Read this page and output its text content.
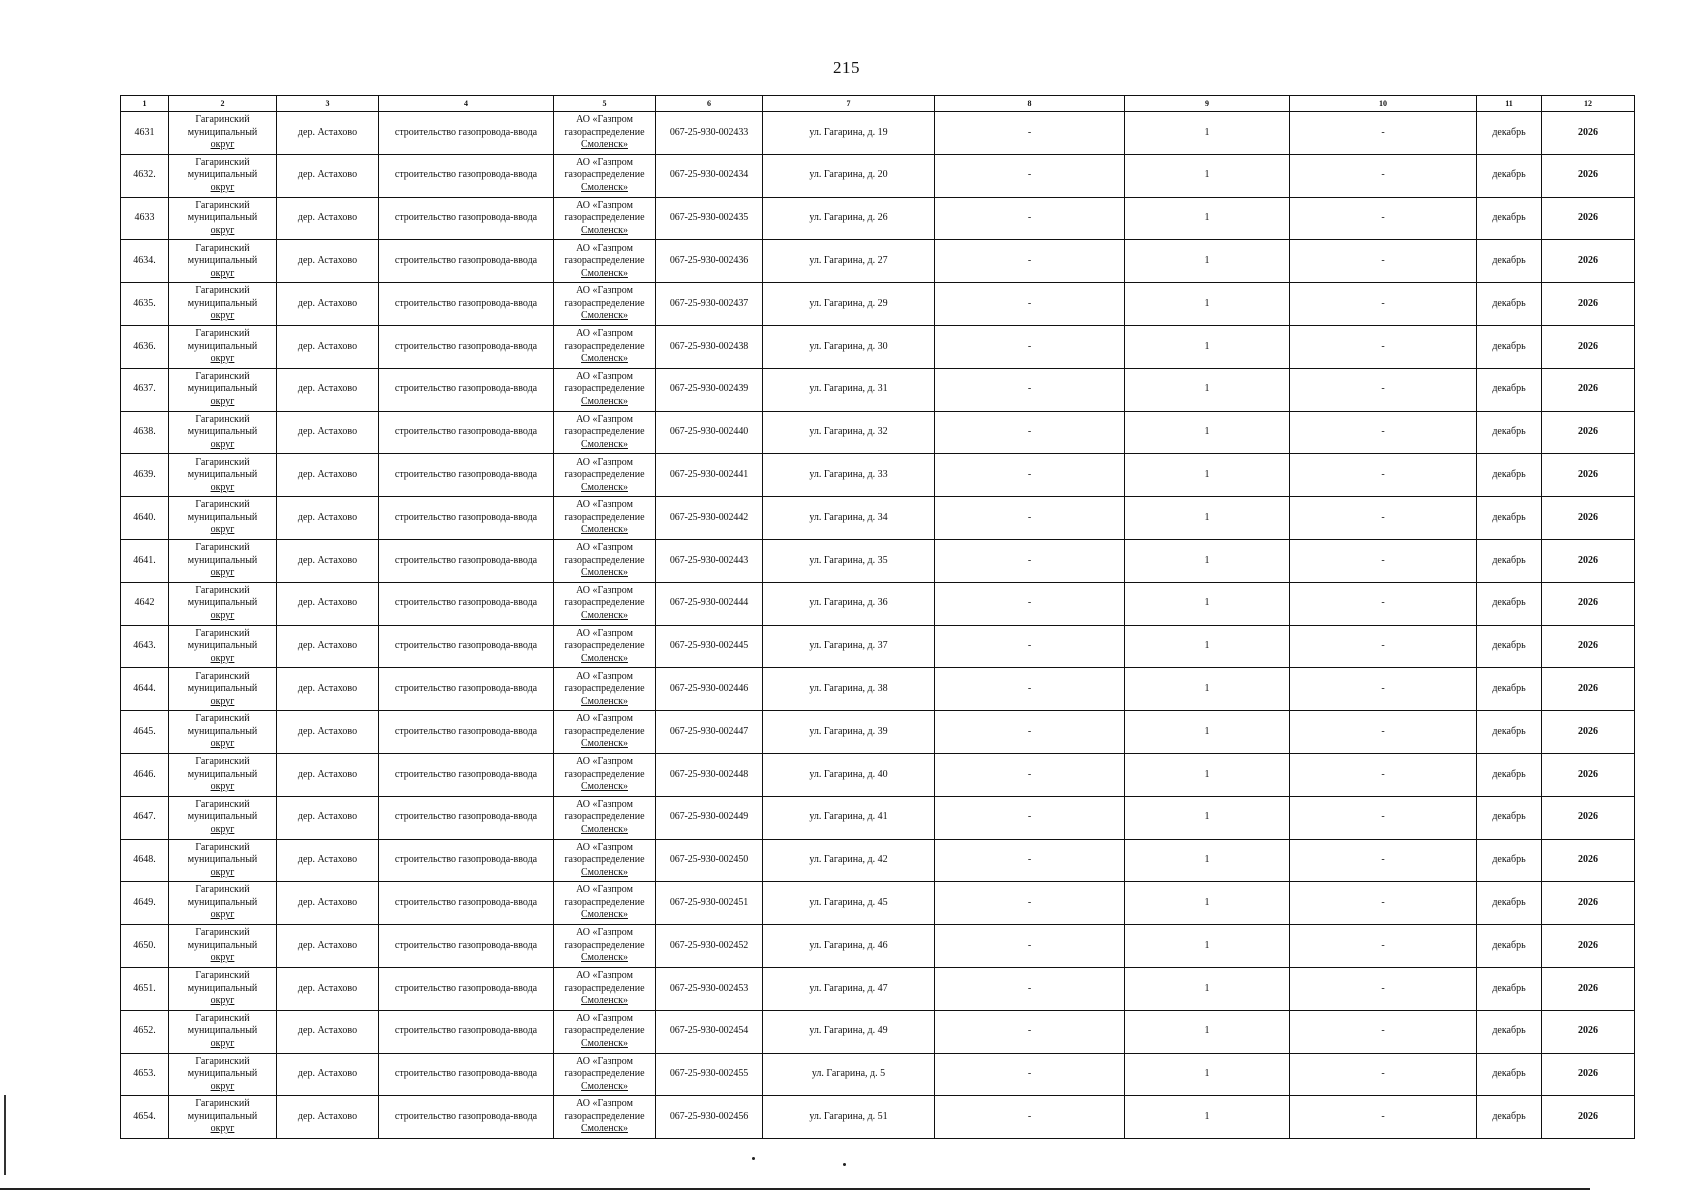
215
1	2	3	4	5	6	7	8	9	10	11	12
4631	Гагаринский
муниципальный
округ	дер. Астахово	строительство газопровода-ввода	АО «Газпром
газораспределение
Смоленск»	067-25-930-002433	ул. Гагарина, д. 19	-	1	-	декабрь	2026
4632.	Гагаринский
муниципальный
округ	дер. Астахово	строительство газопровода-ввода	АО «Газпром
газораспределение
Смоленск»	067-25-930-002434	ул. Гагарина, д. 20	-	1	-	декабрь	2026
4633	Гагаринский
муниципальный
округ	дер. Астахово	строительство газопровода-ввода	АО «Газпром
газораспределение
Смоленск»	067-25-930-002435	ул. Гагарина, д. 26	-	1	-	декабрь	2026
4634.	Гагаринский
муниципальный
округ	дер. Астахово	строительство газопровода-ввода	АО «Газпром
газораспределение
Смоленск»	067-25-930-002436	ул. Гагарина, д. 27	-	1	-	декабрь	2026
4635.	Гагаринский
муниципальный
округ	дер. Астахово	строительство газопровода-ввода	АО «Газпром
газораспределение
Смоленск»	067-25-930-002437	ул. Гагарина, д. 29	-	1	-	декабрь	2026
4636.	Гагаринский
муниципальный
округ	дер. Астахово	строительство газопровода-ввода	АО «Газпром
газораспределение
Смоленск»	067-25-930-002438	ул. Гагарина, д. 30	-	1	-	декабрь	2026
4637.	Гагаринский
муниципальный
округ	дер. Астахово	строительство газопровода-ввода	АО «Газпром
газораспределение
Смоленск»	067-25-930-002439	ул. Гагарина, д. 31	-	1	-	декабрь	2026
4638.	Гагаринский
муниципальный
округ	дер. Астахово	строительство газопровода-ввода	АО «Газпром
газораспределение
Смоленск»	067-25-930-002440	ул. Гагарина, д. 32	-	1	-	декабрь	2026
4639.	Гагаринский
муниципальный
округ	дер. Астахово	строительство газопровода-ввода	АО «Газпром
газораспределение
Смоленск»	067-25-930-002441	ул. Гагарина, д. 33	-	1	-	декабрь	2026
4640.	Гагаринский
муниципальный
округ	дер. Астахово	строительство газопровода-ввода	АО «Газпром
газораспределение
Смоленск»	067-25-930-002442	ул. Гагарина, д. 34	-	1	-	декабрь	2026
4641.	Гагаринский
муниципальный
округ	дер. Астахово	строительство газопровода-ввода	АО «Газпром
газораспределение
Смоленск»	067-25-930-002443	ул. Гагарина, д. 35	-	1	-	декабрь	2026
4642	Гагаринский
муниципальный
округ	дер. Астахово	строительство газопровода-ввода	АО «Газпром
газораспределение
Смоленск»	067-25-930-002444	ул. Гагарина, д. 36	-	1	-	декабрь	2026
4643.	Гагаринский
муниципальный
округ	дер. Астахово	строительство газопровода-ввода	АО «Газпром
газораспределение
Смоленск»	067-25-930-002445	ул. Гагарина, д. 37	-	1	-	декабрь	2026
4644.	Гагаринский
муниципальный
округ	дер. Астахово	строительство газопровода-ввода	АО «Газпром
газораспределение
Смоленск»	067-25-930-002446	ул. Гагарина, д. 38	-	1	-	декабрь	2026
4645.	Гагаринский
муниципальный
округ	дер. Астахово	строительство газопровода-ввода	АО «Газпром
газораспределение
Смоленск»	067-25-930-002447	ул. Гагарина, д. 39	-	1	-	декабрь	2026
4646.	Гагаринский
муниципальный
округ	дер. Астахово	строительство газопровода-ввода	АО «Газпром
газораспределение
Смоленск»	067-25-930-002448	ул. Гагарина, д. 40	-	1	-	декабрь	2026
4647.	Гагаринский
муниципальный
округ	дер. Астахово	строительство газопровода-ввода	АО «Газпром
газораспределение
Смоленск»	067-25-930-002449	ул. Гагарина, д. 41	-	1	-	декабрь	2026
4648.	Гагаринский
муниципальный
округ	дер. Астахово	строительство газопровода-ввода	АО «Газпром
газораспределение
Смоленск»	067-25-930-002450	ул. Гагарина, д. 42	-	1	-	декабрь	2026
4649.	Гагаринский
муниципальный
округ	дер. Астахово	строительство газопровода-ввода	АО «Газпром
газораспределение
Смоленск»	067-25-930-002451	ул. Гагарина, д. 45	-	1	-	декабрь	2026
4650.	Гагаринский
муниципальный
округ	дер. Астахово	строительство газопровода-ввода	АО «Газпром
газораспределение
Смоленск»	067-25-930-002452	ул. Гагарина, д. 46	-	1	-	декабрь	2026
4651.	Гагаринский
муниципальный
округ	дер. Астахово	строительство газопровода-ввода	АО «Газпром
газораспределение
Смоленск»	067-25-930-002453	ул. Гагарина, д. 47	-	1	-	декабрь	2026
4652.	Гагаринский
муниципальный
округ	дер. Астахово	строительство газопровода-ввода	АО «Газпром
газораспределение
Смоленск»	067-25-930-002454	ул. Гагарина, д. 49	-	1	-	декабрь	2026
4653.	Гагаринский
муниципальный
округ	дер. Астахово	строительство газопровода-ввода	АО «Газпром
газораспределение
Смоленск»	067-25-930-002455	ул. Гагарина, д. 5	-	1	-	декабрь	2026
4654.	Гагаринский
муниципальный
округ	дер. Астахово	строительство газопровода-ввода	АО «Газпром
газораспределение
Смоленск»	067-25-930-002456	ул. Гагарина, д. 51	-	1	-	декабрь	2026
